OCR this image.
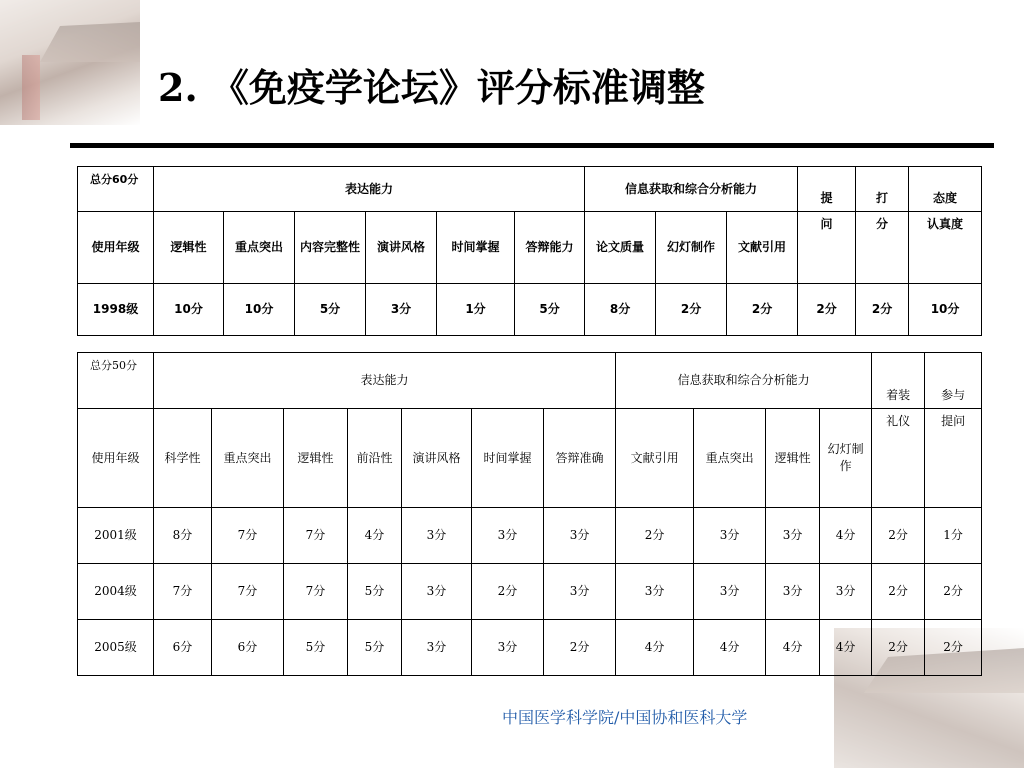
2. 《免疫学论坛》评分标准调整
总分60分	表达能力						信息获取和综合分析能力			提	打	态度
使用年级	逻辑性	重点突出	内容完整性	演讲风格	时间掌握	答辩能力	论文质量	幻灯制作	文献引用	问	分	认真度
1998级	10分	10分	5分	3分	1分	5分	8分	2分	2分	2分	2分	10分
总分50分	表达能力							信息获取和综合分析能力				着装	参与
使用年级	科学性	重点突出	逻辑性	前沿性	演讲风格	时间掌握	答辩准确	文献引用	重点突出	逻辑性	幻灯制作	礼仪	提问
2001级	8分	7分	7分	4分	3分	3分	3分	2分	3分	3分	4分	2分	1分
2004级	7分	7分	7分	5分	3分	2分	3分	3分	3分	3分	3分	2分	2分
2005级	6分	6分	5分	5分	3分	3分	2分	4分	4分	4分	4分	2分	2分
中国医学科学院/中国协和医科大学
